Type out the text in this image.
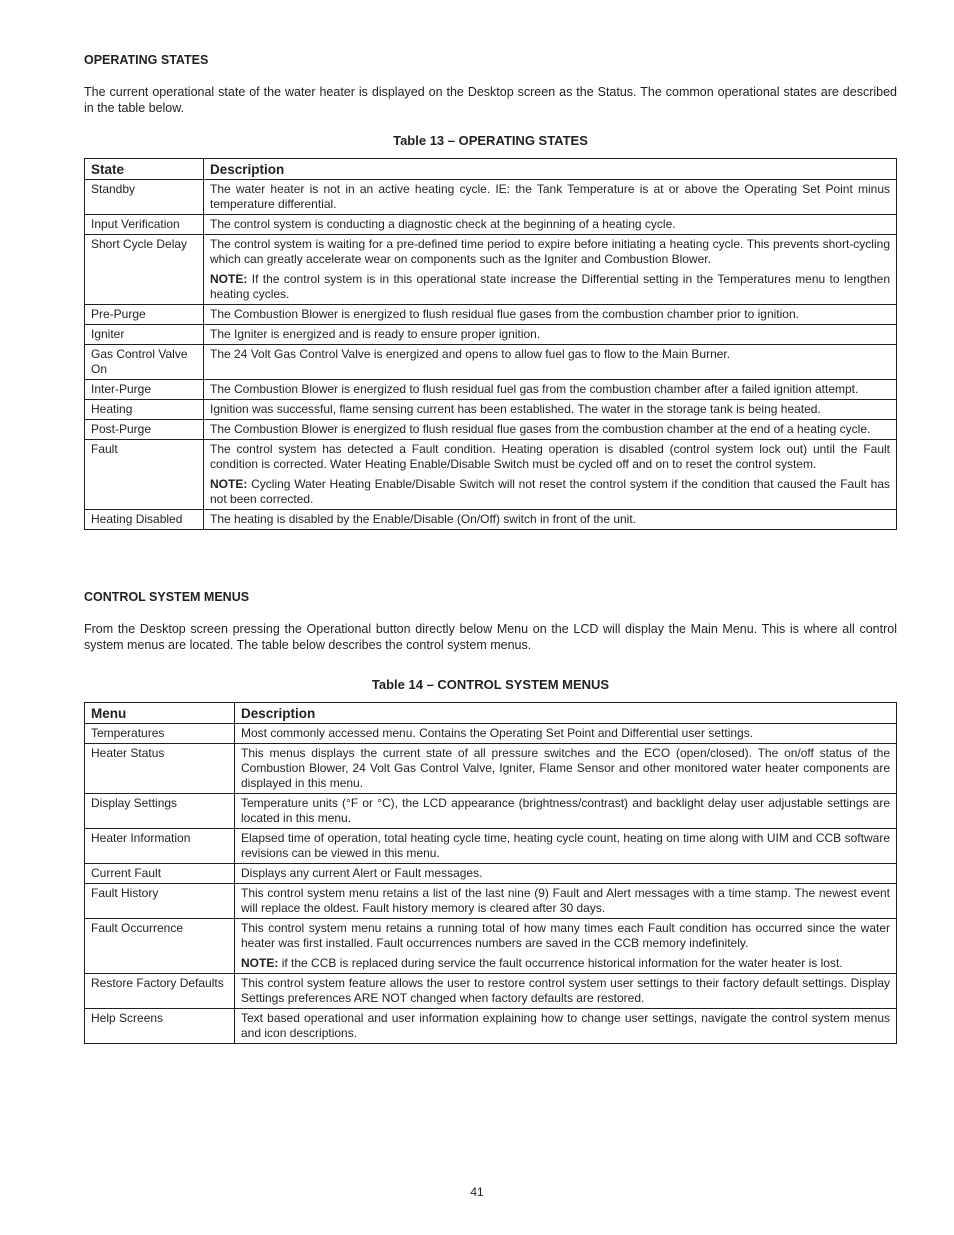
OPERATING STATES

The current operational state of the water heater is displayed on the Desktop screen as the Status. The common operational states are described in the table below.

Table 13 – OPERATING STATES

State	Description
Standby	The water heater is not in an active heating cycle. IE: the Tank Temperature is at or above the Operating Set Point minus temperature differential.

Input Verification	The control system is conducting a diagnostic check at the beginning of a heating cycle.

Short Cycle Delay	The control system is waiting for a pre-defined time period to expire before initiating a heating cycle. This prevents short-cycling which can greatly accelerate wear on components such as the Igniter and Combustion Blower.
NOTE: If the control system is in this operational state increase the Differential setting in the Temperatures menu to lengthen heating cycles.

Pre-Purge	The Combustion Blower is energized to flush residual flue gases from the combustion chamber prior to ignition.

Igniter	The Igniter is energized and is ready to ensure proper ignition.

Gas Control Valve On	The 24 Volt Gas Control Valve is energized and opens to allow fuel gas to flow to the Main Burner.

Inter-Purge	The Combustion Blower is energized to flush residual fuel gas from the combustion chamber after a failed ignition attempt.

Heating	Ignition was successful, flame sensing current has been established. The water in the storage tank is being heated.

Post-Purge	The Combustion Blower is energized to flush residual flue gases from the combustion chamber at the end of a heating cycle.

Fault	The control system has detected a Fault condition. Heating operation is disabled (control system lock out) until the Fault condition is corrected. Water Heating Enable/Disable Switch must be cycled off and on to reset the control system.
NOTE: Cycling Water Heating Enable/Disable Switch will not reset the control system if the condition that caused the Fault has not been corrected.

Heating Disabled	The heating is disabled by the Enable/Disable (On/Off) switch in front of the unit.
CONTROL SYSTEM MENUS

From the Desktop screen pressing the Operational button directly below Menu on the LCD will display the Main Menu. This is where all control system menus are located. The table below describes the control system menus.

Table 14 – CONTROL SYSTEM MENUS

Menu	Description
Temperatures	Most commonly accessed menu. Contains the Operating Set Point and Differential user settings.

Heater Status	This menus displays the current state of all pressure switches and the ECO (open/closed). The on/off status of the Combustion Blower, 24 Volt Gas Control Valve, Igniter, Flame Sensor and other monitored water heater components are displayed in this menu.

Display Settings	Temperature units (°F or °C), the LCD appearance (brightness/contrast) and backlight delay user adjustable settings are located in this menu.

Heater Information	Elapsed time of operation, total heating cycle time, heating cycle count, heating on time along with UIM and CCB software revisions can be viewed in this menu.

Current Fault	Displays any current Alert or Fault messages.

Fault History	This control system menu retains a list of the last nine (9) Fault and Alert messages with a time stamp. The newest event will replace the oldest. Fault history memory is cleared after 30 days.

Fault Occurrence	This control system menu retains a running total of how many times each Fault condition has occurred since the water heater was first installed. Fault occurrences numbers are saved in the CCB memory indefinitely.
NOTE: if the CCB is replaced during service the fault occurrence historical information for the water heater is lost.

Restore Factory Defaults	This control system feature allows the user to restore control system user settings to their factory default settings. Display Settings preferences ARE NOT changed when factory defaults are restored.

Help Screens	Text based operational and user information explaining how to change user settings, navigate the control system menus and icon descriptions.
41
